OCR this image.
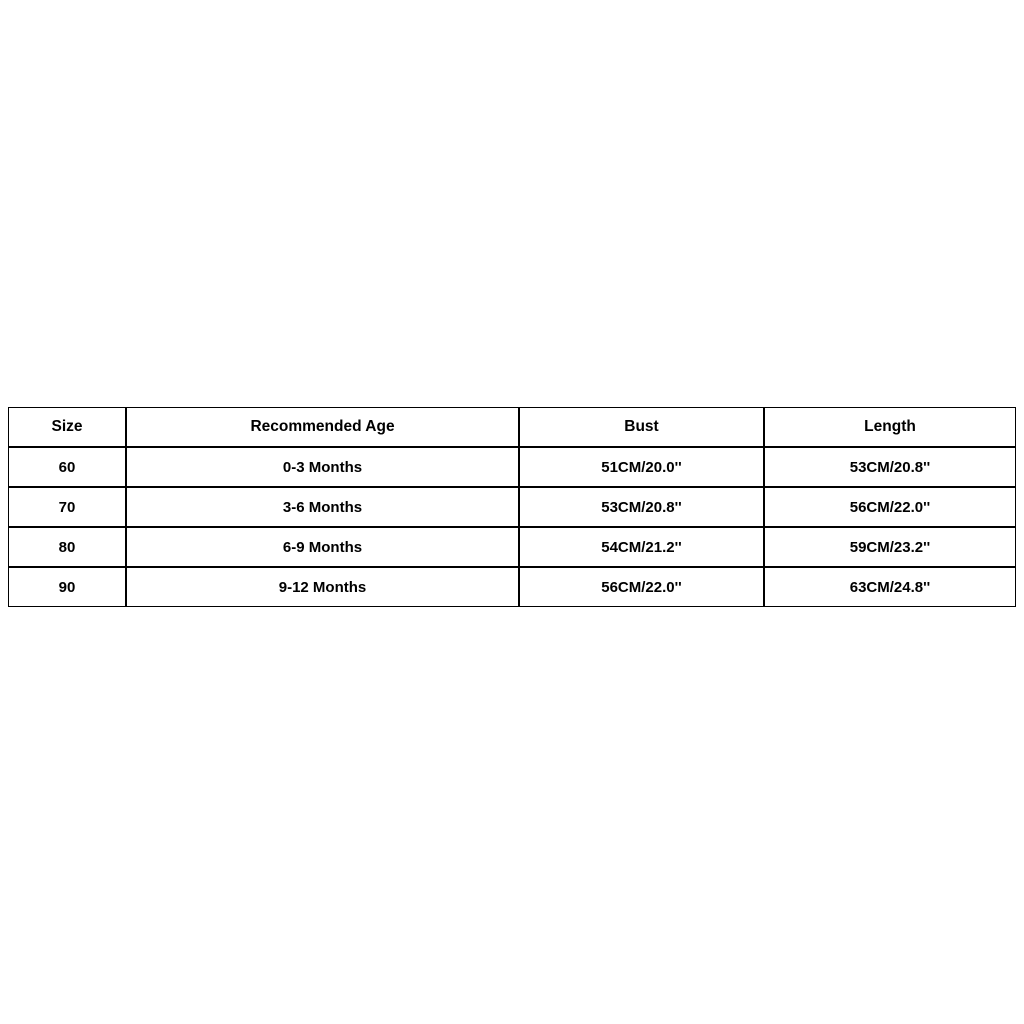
Size	Recommended Age	Bust	Length
60	0-3 Months	51CM/20.0''	53CM/20.8''
70	3-6 Months	53CM/20.8''	56CM/22.0''
80	6-9 Months	54CM/21.2''	59CM/23.2''
90	9-12 Months	56CM/22.0''	63CM/24.8''
